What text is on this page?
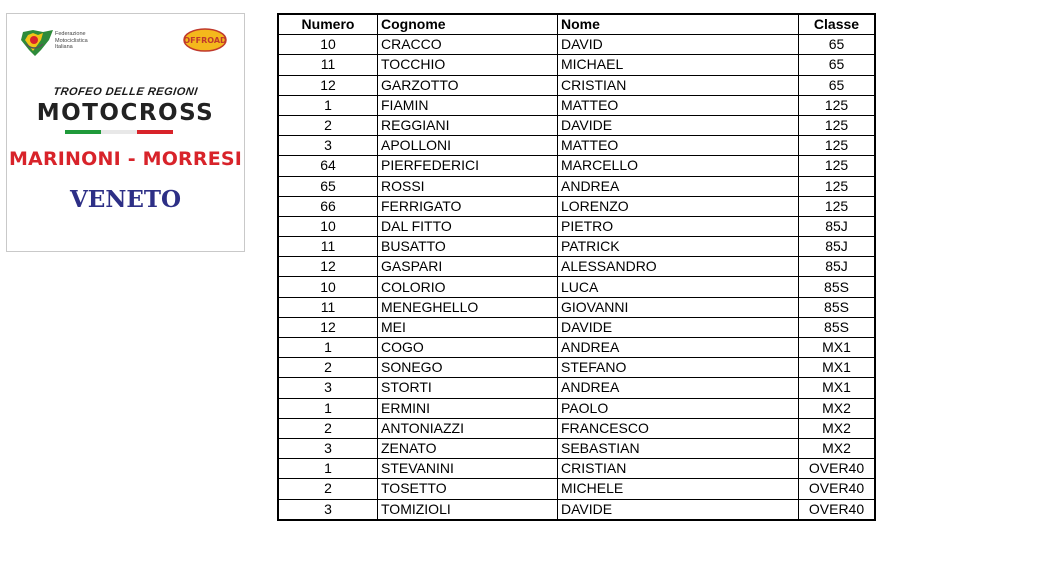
Federazione
Motociclistica
Italiana
OFFROAD
TROFEO DELLE REGIONI
MOTOCROSS
MARINONI - MORRESI
VENETO
Numero	Cognome	Nome	Classe
10	CRACCO	DAVID	65
11	TOCCHIO	MICHAEL	65
12	GARZOTTO	CRISTIAN	65
1	FIAMIN	MATTEO	125
2	REGGIANI	DAVIDE	125
3	APOLLONI	MATTEO	125
64	PIERFEDERICI	MARCELLO	125
65	ROSSI	ANDREA	125
66	FERRIGATO	LORENZO	125
10	DAL FITTO	PIETRO	85J
11	BUSATTO	PATRICK	85J
12	GASPARI	ALESSANDRO	85J
10	COLORIO	LUCA	85S
11	MENEGHELLO	GIOVANNI	85S
12	MEI	DAVIDE	85S
1	COGO	ANDREA	MX1
2	SONEGO	STEFANO	MX1
3	STORTI	ANDREA	MX1
1	ERMINI	PAOLO	MX2
2	ANTONIAZZI	FRANCESCO	MX2
3	ZENATO	SEBASTIAN	MX2
1	STEVANINI	CRISTIAN	OVER40
2	TOSETTO	MICHELE	OVER40
3	TOMIZIOLI	DAVIDE	OVER40
